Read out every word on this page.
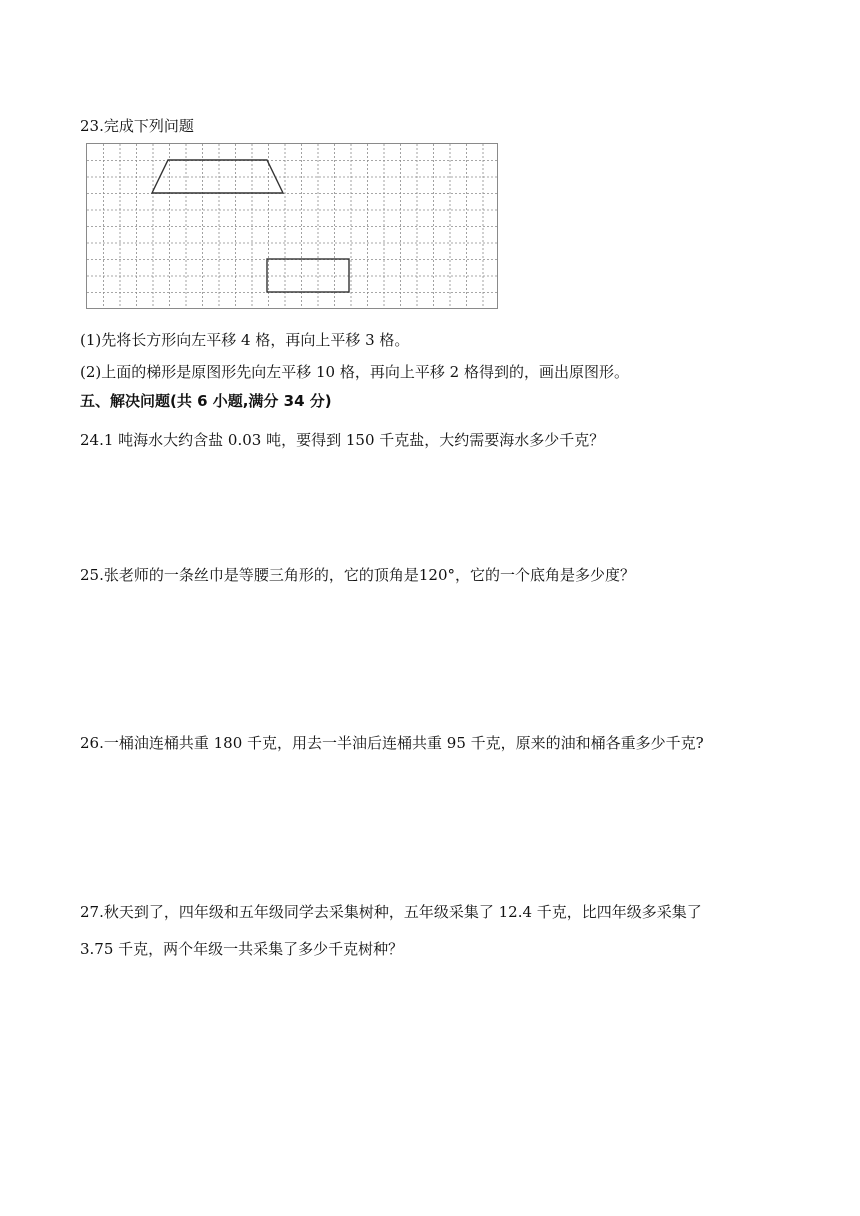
23.完成下列问题
(1)先将长方形向左平移 4 格，再向上平移 3 格。
(2)上面的梯形是原图形先向左平移 10 格，再向上平移 2 格得到的，画出原图形。
五、解决问题(共 6 小题,满分 34 分)
24.1 吨海水大约含盐 0.03 吨，要得到 150 千克盐，大约需要海水多少千克？
25.张老师的一条丝巾是等腰三角形的，它的顶角是120°，它的一个底角是多少度？
26.一桶油连桶共重 180 千克，用去一半油后连桶共重 95 千克，原来的油和桶各重多少千克?
27.秋天到了，四年级和五年级同学去采集树种，五年级采集了 12.4 千克，比四年级多采集了
3.75 千克，两个年级一共采集了多少千克树种？
